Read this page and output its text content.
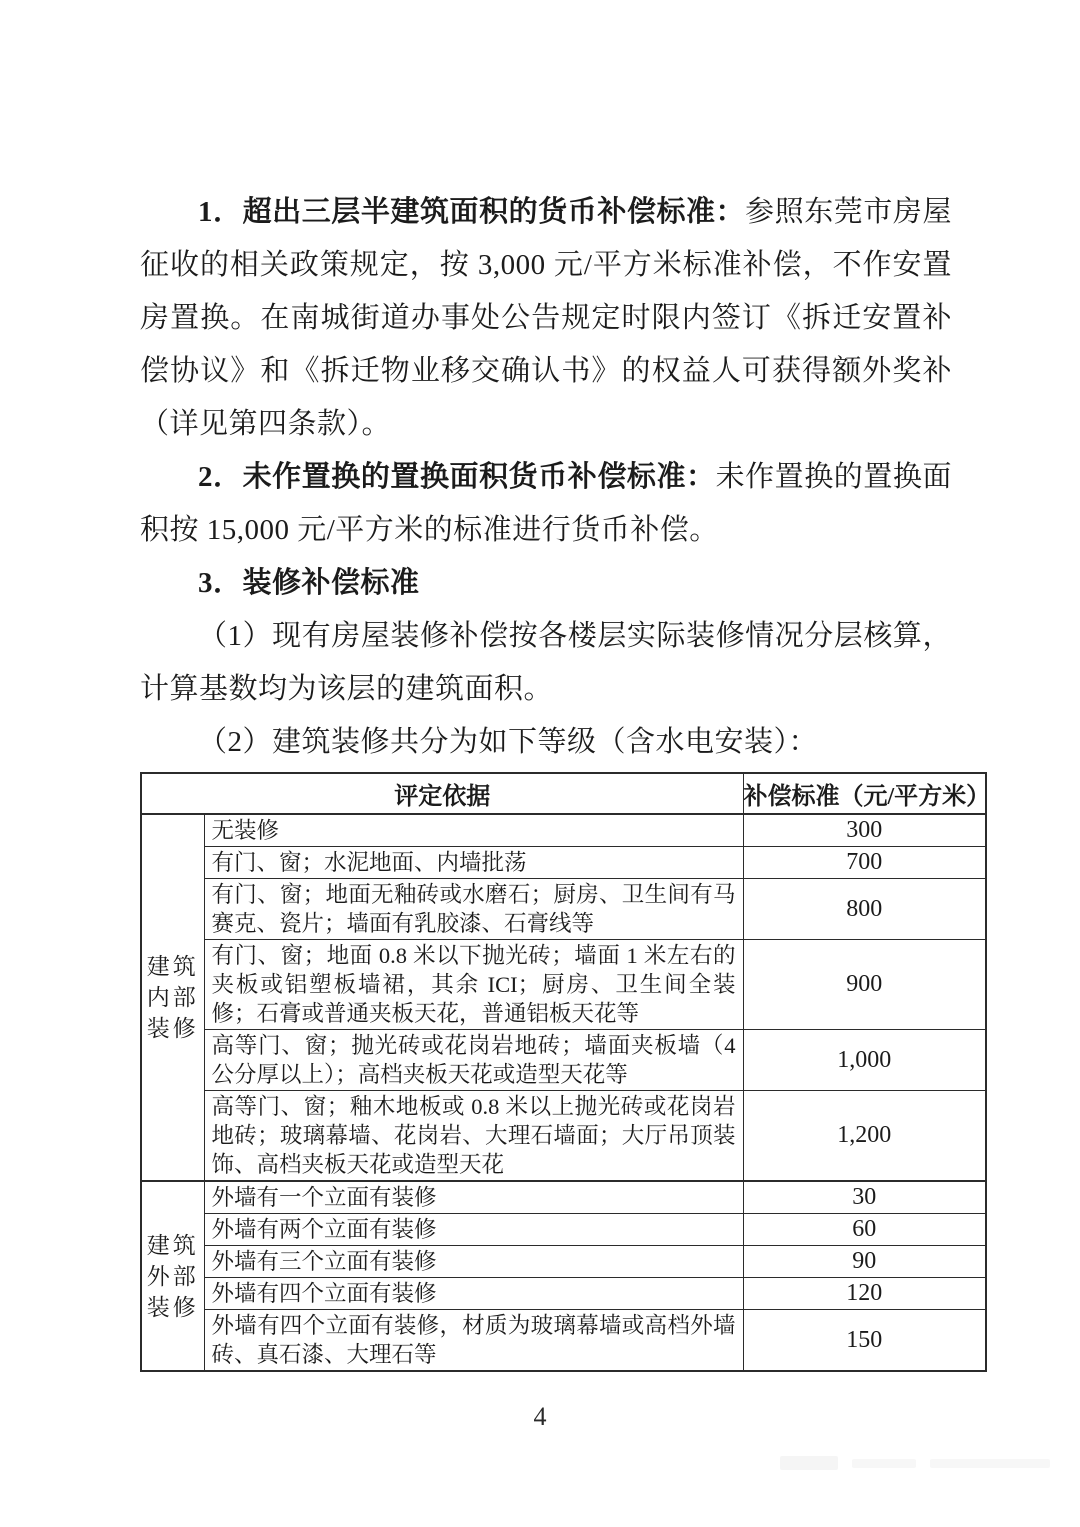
1．超出三层半建筑面积的货币补偿标准：参照东莞市房屋征收的相关政策规定，按 3,000 元/平方米标准补偿，不作安置房置换。在南城街道办事处公告规定时限内签订《拆迁安置补偿协议》和《拆迁物业移交确认书》的权益人可获得额外奖补（详见第四条款）。

2．未作置换的置换面积货币补偿标准：未作置换的置换面积按 15,000 元/平方米的标准进行货币补偿。

3．装修补偿标准

（1）现有房屋装修补偿按各楼层实际装修情况分层核算，计算基数均为该层的建筑面积。

（2）建筑装修共分为如下等级（含水电安装）：

评定依据		补偿标准（元/平方米）
建筑内部装修	无装修	300
	有门、窗；水泥地面、内墙批荡	700
	有门、窗；地面无釉砖或水磨石；厨房、卫生间有马赛克、瓷片；墙面有乳胶漆、石膏线等	800
	有门、窗；地面 0.8 米以下抛光砖；墙面 1 米左右的夹板或铝塑板墙裙，其余 ICI；厨房、卫生间全装修；石膏或普通夹板天花，普通铝板天花等	900
	高等门、窗；抛光砖或花岗岩地砖；墙面夹板墙（4 公分厚以上）；高档夹板天花或造型天花等	1,000
	高等门、窗；釉木地板或 0.8 米以上抛光砖或花岗岩地砖；玻璃幕墙、花岗岩、大理石墙面；大厅吊顶装饰、高档夹板天花或造型天花	1,200
建筑外部装修	外墙有一个立面有装修	30
	外墙有两个立面有装修	60
	外墙有三个立面有装修	90
	外墙有四个立面有装修	120
	外墙有四个立面有装修，材质为玻璃幕墙或高档外墙砖、真石漆、大理石等	150
4
